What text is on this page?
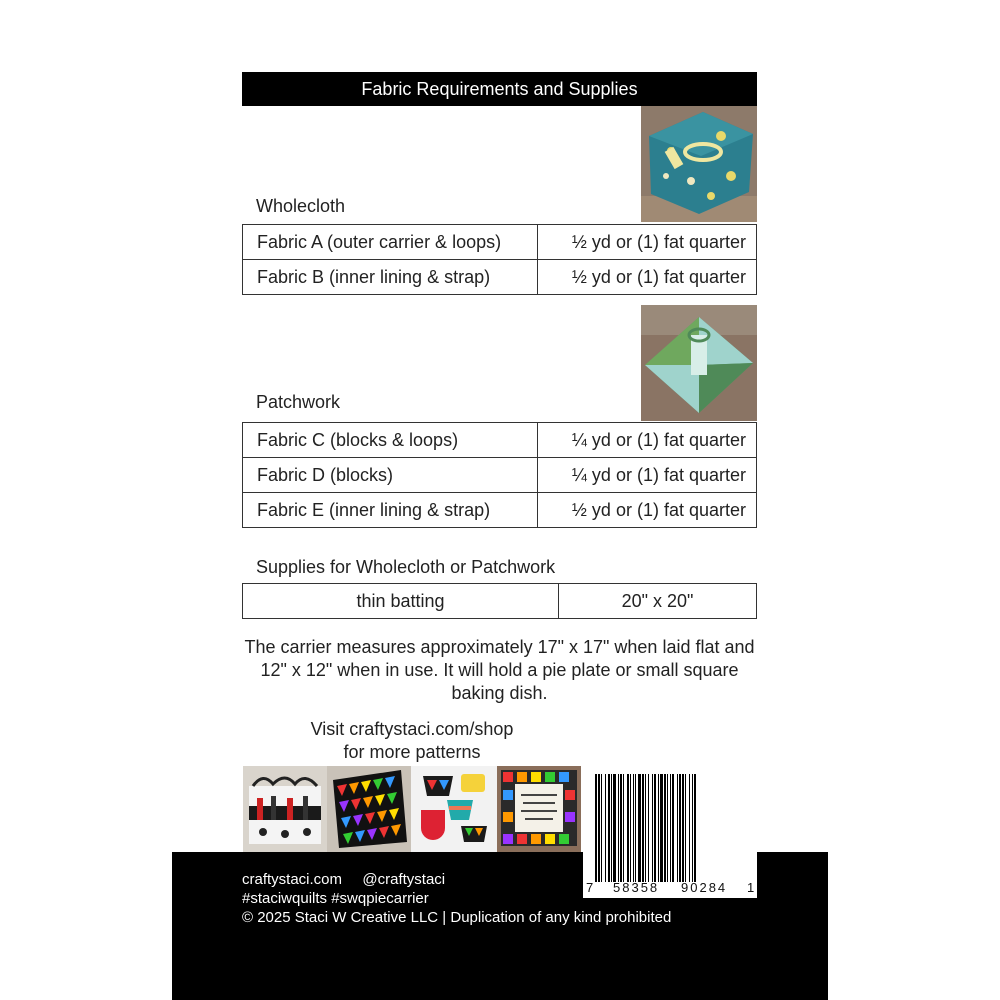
Fabric Requirements and Supplies
Wholecloth
Fabric A (outer carrier & loops)	½ yd or (1) fat quarter
Fabric B (inner lining & strap)	½ yd or (1) fat quarter
Patchwork
Fabric C (blocks & loops)	¼ yd or (1) fat quarter
Fabric D (blocks)	¼ yd or (1) fat quarter
Fabric E (inner lining & strap)	½ yd or (1) fat quarter
Supplies for Wholecloth or Patchwork
thin batting	20" x 20"
The carrier measures approximately 17" x 17" when laid flat and 12" x 12" when in use. It will hold a pie plate or small square baking dish.
Visit craftystaci.com/shop
for more patterns
craftystaci.com @craftystaci
#staciwquilts #swqpiecarrier
© 2025 Staci W Creative LLC | Duplication of any kind prohibited
7 58358 90284 1
